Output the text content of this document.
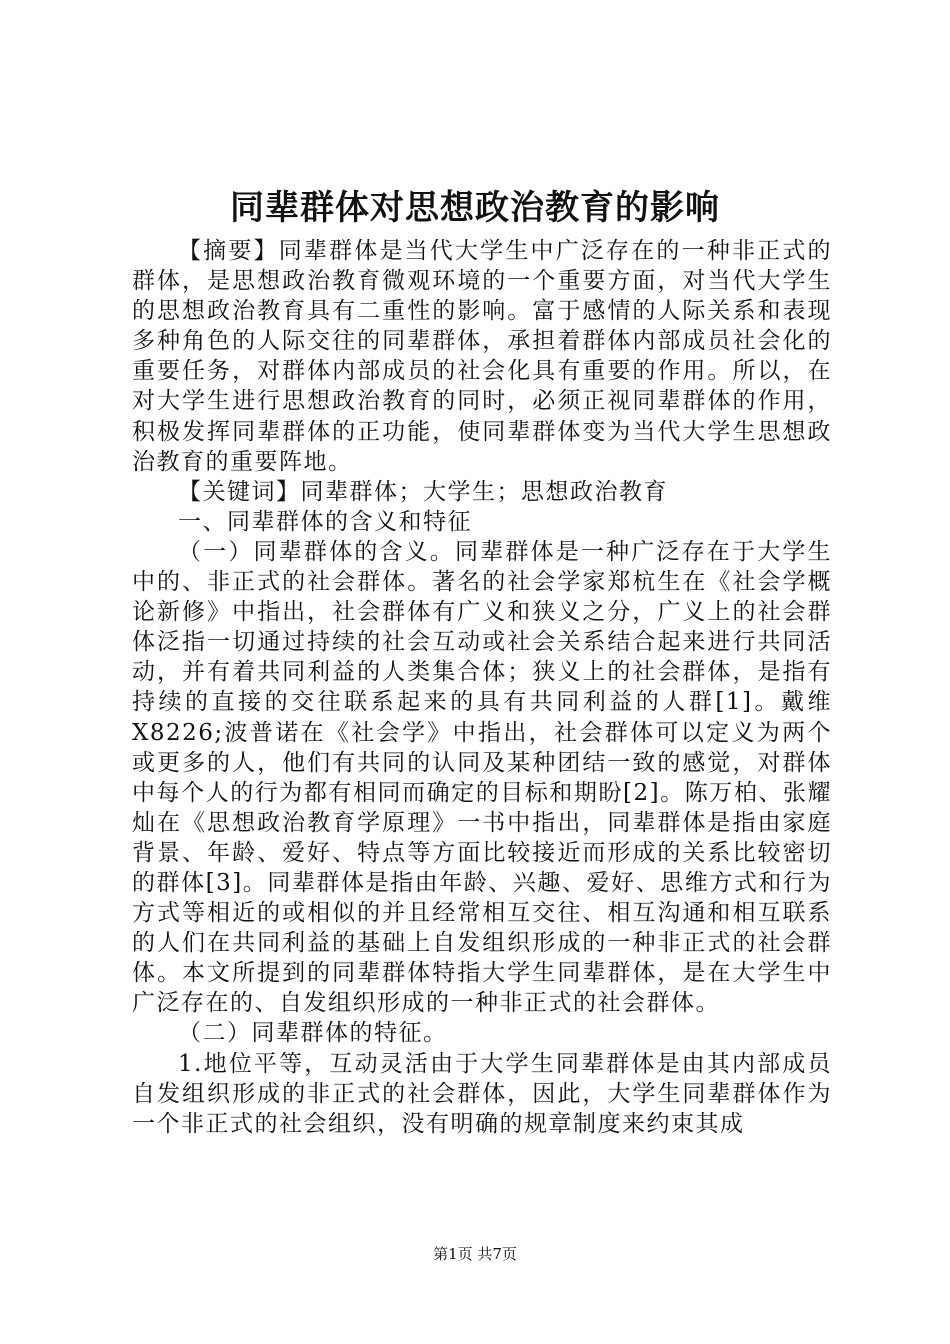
同辈群体对思想政治教育的影响

【摘要】同辈群体是当代大学生中广泛存在的一种非正式的群体，是思想政治教育微观环境的一个重要方面，对当代大学生的思想政治教育具有二重性的影响。富于感情的人际关系和表现多种角色的人际交往的同辈群体，承担着群体内部成员社会化的重要任务，对群体内部成员的社会化具有重要的作用。所以，在对大学生进行思想政治教育的同时，必须正视同辈群体的作用，积极发挥同辈群体的正功能，使同辈群体变为当代大学生思想政治教育的重要阵地。

【关键词】同辈群体；大学生；思想政治教育

一、同辈群体的含义和特征

（一）同辈群体的含义。同辈群体是一种广泛存在于大学生中的、非正式的社会群体。著名的社会学家郑杭生在《社会学概论新修》中指出，社会群体有广义和狭义之分，广义上的社会群体泛指一切通过持续的社会互动或社会关系结合起来进行共同活动，并有着共同利益的人类集合体；狭义上的社会群体，是指有持续的直接的交往联系起来的具有共同利益的人群[1]。戴维X8226;波普诺在《社会学》中指出，社会群体可以定义为两个或更多的人，他们有共同的认同及某种团结一致的感觉，对群体中每个人的行为都有相同而确定的目标和期盼[2]。陈万柏、张耀灿在《思想政治教育学原理》一书中指出，同辈群体是指由家庭背景、年龄、爱好、特点等方面比较接近而形成的关系比较密切的群体[3]。同辈群体是指由年龄、兴趣、爱好、思维方式和行为方式等相近的或相似的并且经常相互交往、相互沟通和相互联系的人们在共同利益的基础上自发组织形成的一种非正式的社会群体。本文所提到的同辈群体特指大学生同辈群体，是在大学生中广泛存在的、自发组织形成的一种非正式的社会群体。

（二）同辈群体的特征。

1.地位平等，互动灵活由于大学生同辈群体是由其内部成员自发组织形成的非正式的社会群体，因此，大学生同辈群体作为一个非正式的社会组织，没有明确的规章制度来约束其成

第1页 共7页
